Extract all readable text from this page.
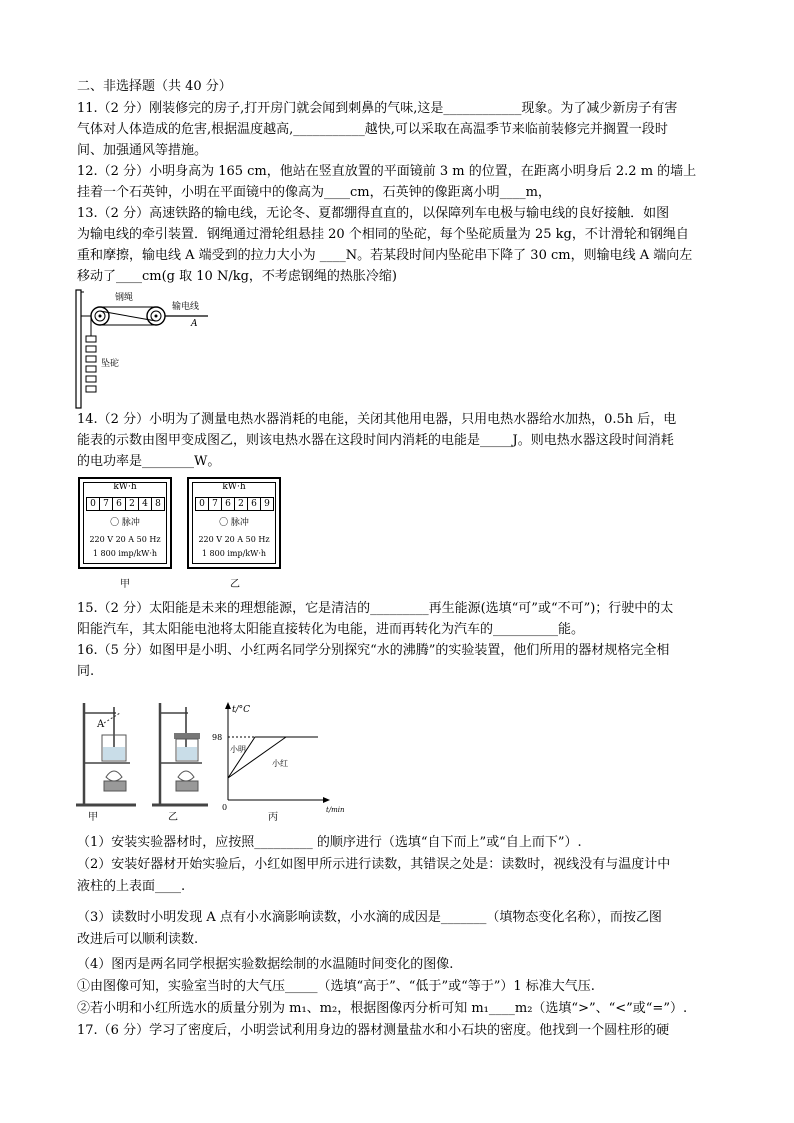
二、非选择题（共 40 分）
11.（2 分）刚装修完的房子,打开房门就会闻到刺鼻的气味,这是____________现象。为了减少新房子有害
气体对人体造成的危害,根据温度越高,___________越快,可以采取在高温季节来临前装修完并搁置一段时
间、加强通风等措施。
12.（2 分）小明身高为 165 cm，他站在竖直放置的平面镜前 3 m 的位置，在距离小明身后 2.2 m 的墙上
挂着一个石英钟，小明在平面镜中的像高为____cm，石英钟的像距离小明____m，
13.（2 分）高速铁路的输电线，无论冬、夏都绷得直直的，以保障列车电极与输电线的良好接触．如图
为输电线的牵引装置．钢绳通过滑轮组悬挂 20 个相同的坠砣，每个坠砣质量为 25 kg，不计滑轮和钢绳自
重和摩擦，输电线 A 端受到的拉力大小为 ____N。若某段时间内坠砣串下降了 30 cm，则输电线 A 端向左
移动了____cm(g 取 10 N/kg，不考虑钢绳的热胀冷缩)
钢绳
输电线
A
坠砣
14.（2 分）小明为了测量电热水器消耗的电能，关闭其他用电器，只用电热水器给水加热，0.5h 后，电
能表的示数由图甲变成图乙，则该电热水器在这段时间内消耗的电能是_____J。则电热水器这段时间消耗
的电功率是________W。
kW·h
0 7 6 2 4 8
〇 脉冲
220 V 20 A 50 Hz
1 800 imp/kW·h
甲
kW·h
0 7 6 2 6 9
〇 脉冲
220 V 20 A 50 Hz
1 800 imp/kW·h
乙
15.（2 分）太阳能是未来的理想能源，它是清洁的_________再生能源(选填“可”或“不可”)；行驶中的太
阳能汽车，其太阳能电池将太阳能直接转化为电能，进而再转化为汽车的__________能。
16.（5 分）如图甲是小明、小红两名同学分别探究“水的沸腾”的实验装置，他们所用的器材规格完全相
同.
A
甲	乙
t/°C
t/min
0
98
小明
小红
丙
（1）安装实验器材时，应按照_________ 的顺序进行（选填“自下而上”或“自上而下”）.
（2）安装好器材开始实验后，小红如图甲所示进行读数，其错误之处是：读数时，视线没有与温度计中
液柱的上表面____.
（3）读数时小明发现 A 点有小水滴影响读数，小水滴的成因是_______（填物态变化名称），而按乙图
改进后可以顺利读数.
（4）图丙是两名同学根据实验数据绘制的水温随时间变化的图像.
①由图像可知，实验室当时的大气压_____（选填“高于”、“低于”或“等于”）1 标准大气压.
②若小明和小红所选水的质量分别为 m₁、m₂，根据图像丙分析可知 m₁____m₂（选填“>”、“<”或“=”）.
17.（6 分）学习了密度后，小明尝试利用身边的器材测量盐水和小石块的密度。他找到一个圆柱形的硬
